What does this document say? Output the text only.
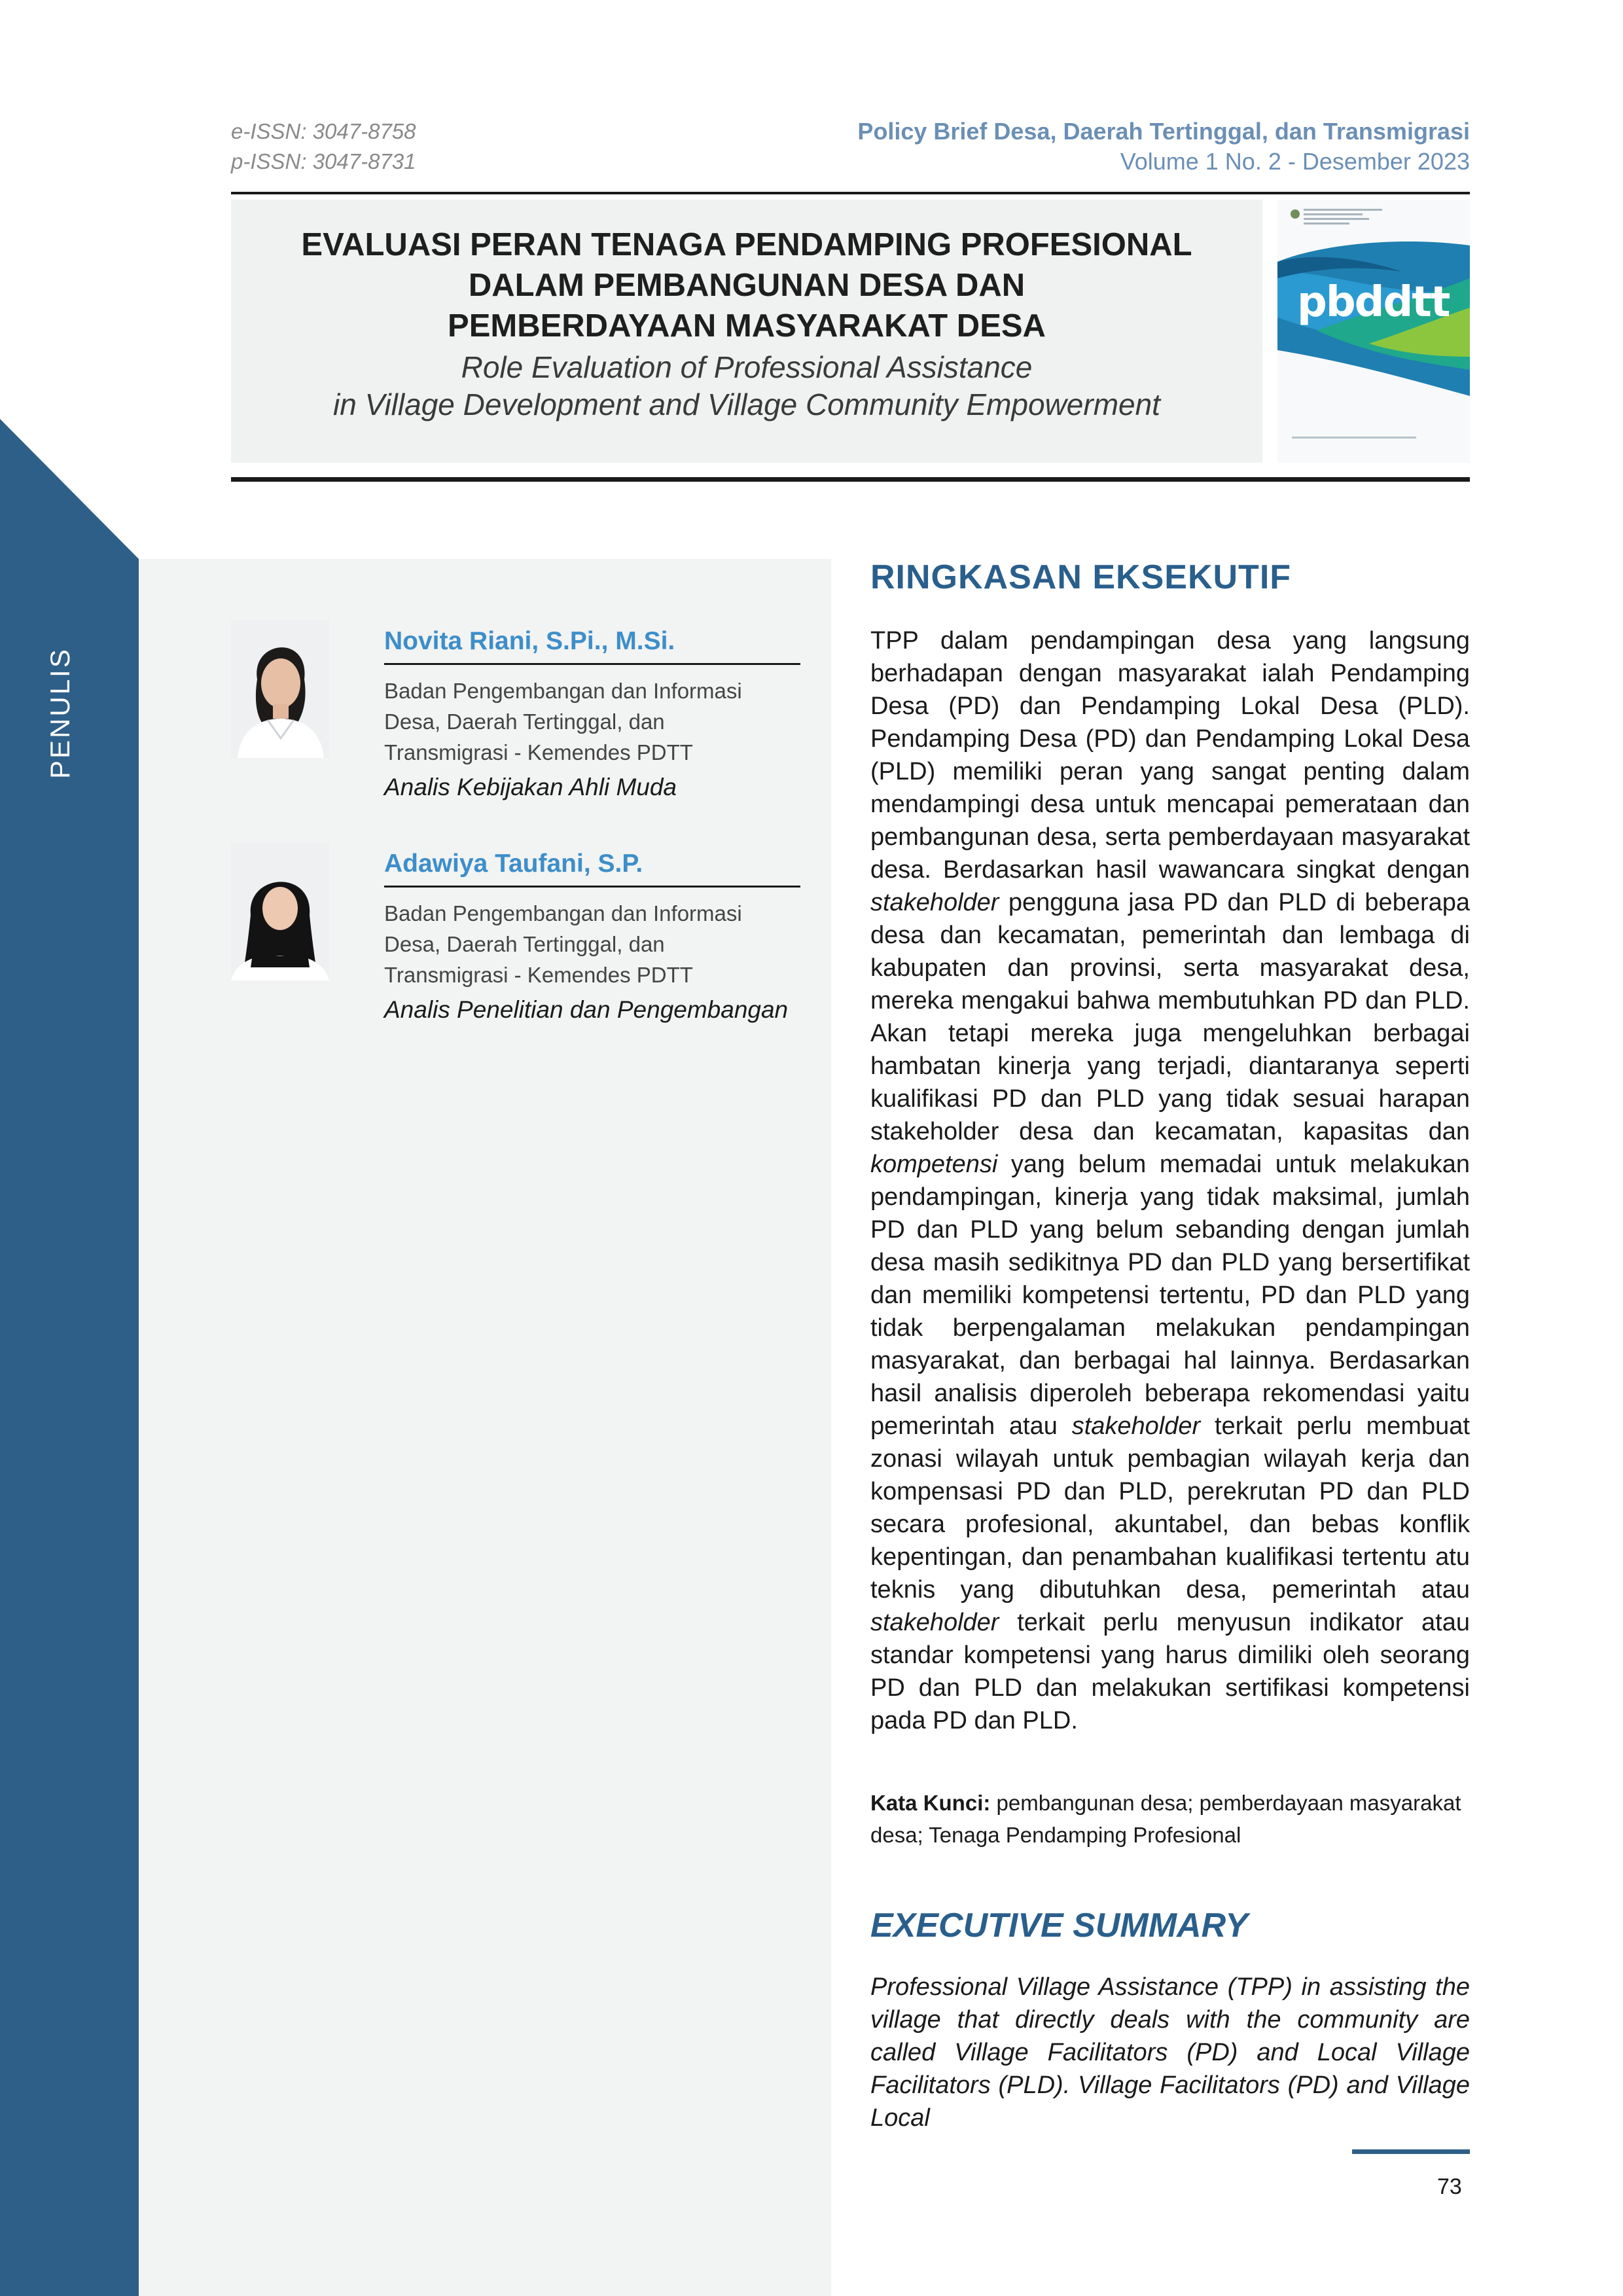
e-ISSN: 3047-8758
p-ISSN: 3047-8731
Policy Brief Desa, Daerah Tertinggal, dan Transmigrasi
Volume 1 No. 2 - Desember 2023
EVALUASI PERAN TENAGA PENDAMPING PROFESIONAL
DALAM PEMBANGUNAN DESA DAN
PEMBERDAYAAN MASYARAKAT DESA
Role Evaluation of Professional Assistance
in Village Development and Village Community Empowerment
pbddtt
PENULIS
Novita Riani, S.Pi., M.Si.
Badan Pengembangan dan Informasi
Desa, Daerah Tertinggal, dan
Transmigrasi - Kemendes PDTT
Analis Kebijakan Ahli Muda
Adawiya Taufani, S.P.
Badan Pengembangan dan Informasi
Desa, Daerah Tertinggal, dan
Transmigrasi - Kemendes PDTT
Analis Penelitian dan Pengembangan
RINGKASAN EKSEKUTIF
TPP dalam pendampingan desa yang langsung berhadapan dengan masyarakat ialah Pendamping Desa (PD) dan Pendamping Lokal Desa (PLD). Pendamping Desa (PD) dan Pendamping Lokal Desa (PLD) memiliki peran yang sangat penting dalam mendampingi desa untuk mencapai pemerataan dan pembangunan desa, serta pemberdayaan masyarakat desa. Berdasarkan hasil wawancara singkat dengan stakeholder pengguna jasa PD dan PLD di beberapa desa dan kecamatan, pemerintah dan lembaga di kabupaten dan provinsi, serta masyarakat desa, mereka mengakui bahwa membutuhkan PD dan PLD. Akan tetapi mereka juga mengeluhkan berbagai hambatan kinerja yang terjadi, diantaranya seperti kualifikasi PD dan PLD yang tidak sesuai harapan stakeholder desa dan kecamatan, kapasitas dan kompetensi yang belum memadai untuk melakukan pendampingan, kinerja yang tidak maksimal, jumlah PD dan PLD yang belum sebanding dengan jumlah desa masih sedikitnya PD dan PLD yang bersertifikat dan memiliki kompetensi tertentu, PD dan PLD yang tidak berpengalaman melakukan pendampingan masyarakat, dan berbagai hal lainnya. Berdasarkan hasil analisis diperoleh beberapa rekomendasi yaitu pemerintah atau stakeholder terkait perlu membuat zonasi wilayah untuk pembagian wilayah kerja dan kompensasi PD dan PLD, perekrutan PD dan PLD secara profesional, akuntabel, dan bebas konflik kepentingan, dan penambahan kualifikasi tertentu atu teknis yang dibutuhkan desa, pemerintah atau stakeholder terkait perlu menyusun indikator atau standar kompetensi yang harus dimiliki oleh seorang PD dan PLD dan melakukan sertifikasi kompetensi pada PD dan PLD.
Kata Kunci: pembangunan desa; pemberdayaan masyarakat desa; Tenaga Pendamping Profesional
EXECUTIVE SUMMARY
Professional Village Assistance (TPP) in assisting the village that directly deals with the community are called Village Facilitators (PD) and Local Village Facilitators (PLD). Village Facilitators (PD) and Village Local
73
